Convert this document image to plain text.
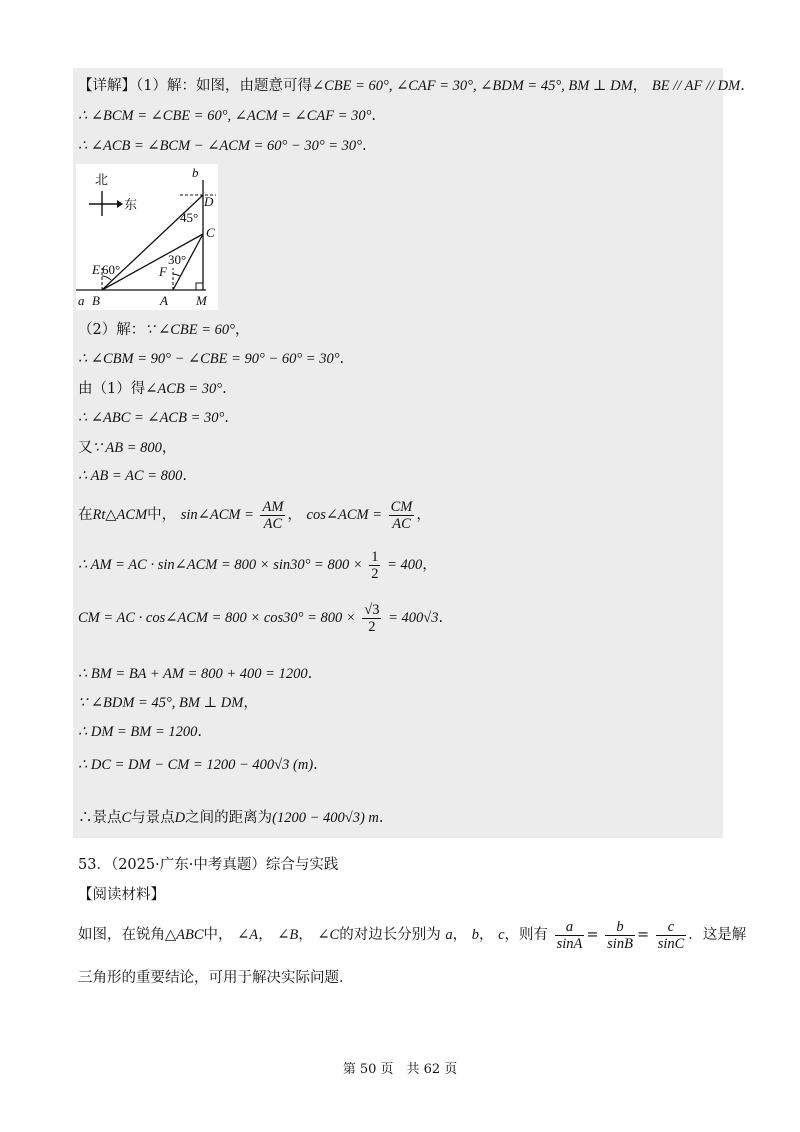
【详解】（1）解：如图，由题意可得∠CBE = 60°, ∠CAF = 30°, ∠BDM = 45°, BM ⊥ DM， BE // AF // DM.
∴ ∠BCM = ∠CBE = 60°, ∠ACM = ∠CAF = 30°.
∴ ∠ACB = ∠BCM − ∠ACM = 60° − 30° = 30°.
北
东
b
D
45°
C
E 60°	F
30°
a B	A M
（2）解：∵ ∠CBE = 60°，
∴ ∠CBM = 90° − ∠CBE = 90° − 60° = 30°.
由（1）得∠ACB = 30°.
∴ ∠ABC = ∠ACB = 30°.
又∵ AB = 800，
∴ AB = AC = 800.
在Rt△ACM中， sin∠ACM = $\frac{AM}{AC}$ ， cos∠ACM = $\frac{CM}{AC}$ ，
∴ AM = AC · sin∠ACM = $800 \times \sin 30^\circ = 800 \times \frac{1}{2} = 400$，
CM = AC · cos∠ACM = $800 \times \cos 30^\circ = 800 \times \frac{√3}{2} = 400√3$.
∴ BM = BA + AM = 800 + 400 = 1200.
∵ ∠BDM = 45°, BM ⊥ DM，
∴ DM = BM = 1200.
∴ DC = DM − CM = 1200 − 400√3 (m).
∴景点C与景点D之间的距离为(1200 − 400√3) m.
53．（2025·广东·中考真题）综合与实践
【阅读材料】
如图，在锐角△ABC中， ∠A， ∠B， ∠C的对边长分别为 a， b， c，则有 $\frac{a}{\sin A} = \frac{b}{\sin B} = \frac{c}{\sin C}$ ．这是解
三角形的重要结论，可用于解决实际问题．
第 50 页　共 62 页
